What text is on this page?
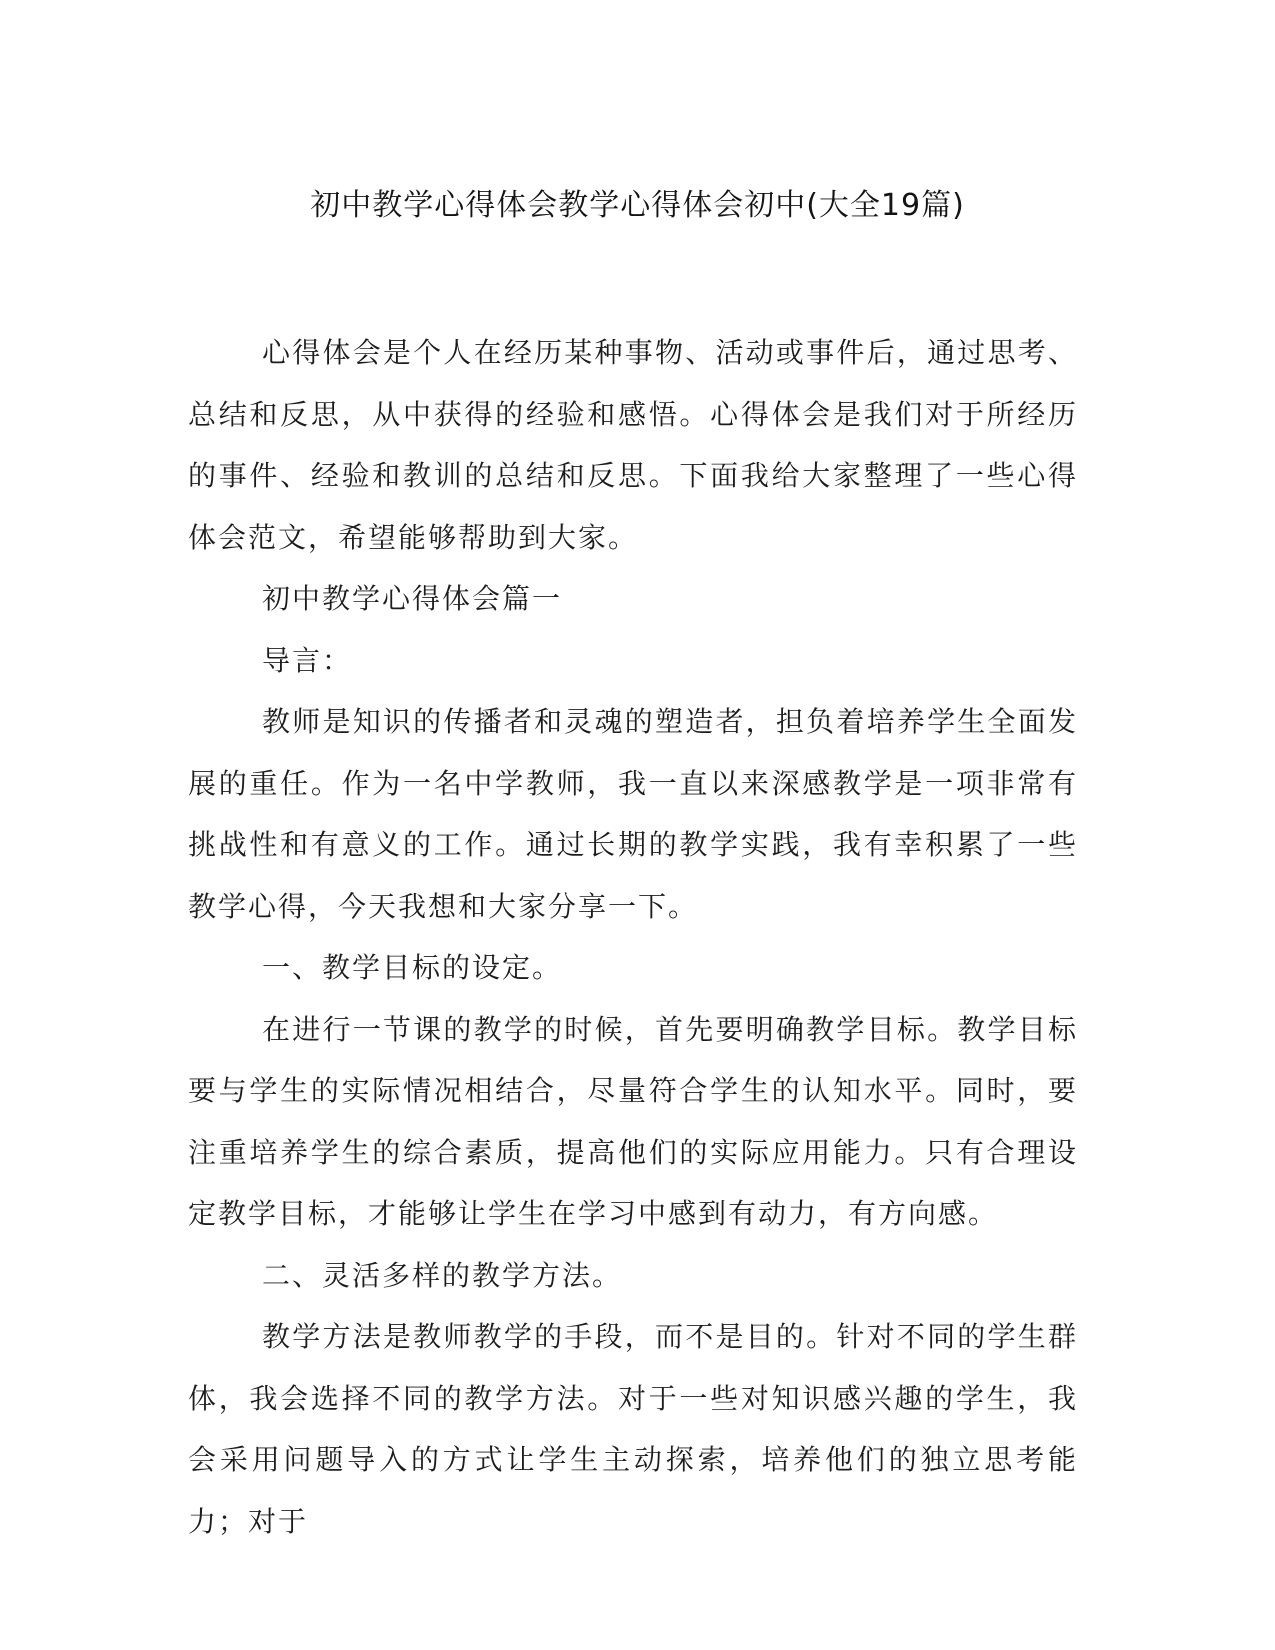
初中教学心得体会教学心得体会初中(大全19篇)

心得体会是个人在经历某种事物、活动或事件后，通过思考、总结和反思，从中获得的经验和感悟。心得体会是我们对于所经历的事件、经验和教训的总结和反思。下面我给大家整理了一些心得体会范文，希望能够帮助到大家。

初中教学心得体会篇一

导言：

教师是知识的传播者和灵魂的塑造者，担负着培养学生全面发展的重任。作为一名中学教师，我一直以来深感教学是一项非常有挑战性和有意义的工作。通过长期的教学实践，我有幸积累了一些教学心得，今天我想和大家分享一下。

一、教学目标的设定。

在进行一节课的教学的时候，首先要明确教学目标。教学目标要与学生的实际情况相结合，尽量符合学生的认知水平。同时，要注重培养学生的综合素质，提高他们的实际应用能力。只有合理设定教学目标，才能够让学生在学习中感到有动力，有方向感。

二、灵活多样的教学方法。

教学方法是教师教学的手段，而不是目的。针对不同的学生群体，我会选择不同的教学方法。对于一些对知识感兴趣的学生，我会采用问题导入的方式让学生主动探索，培养他们的独立思考能力；对于
